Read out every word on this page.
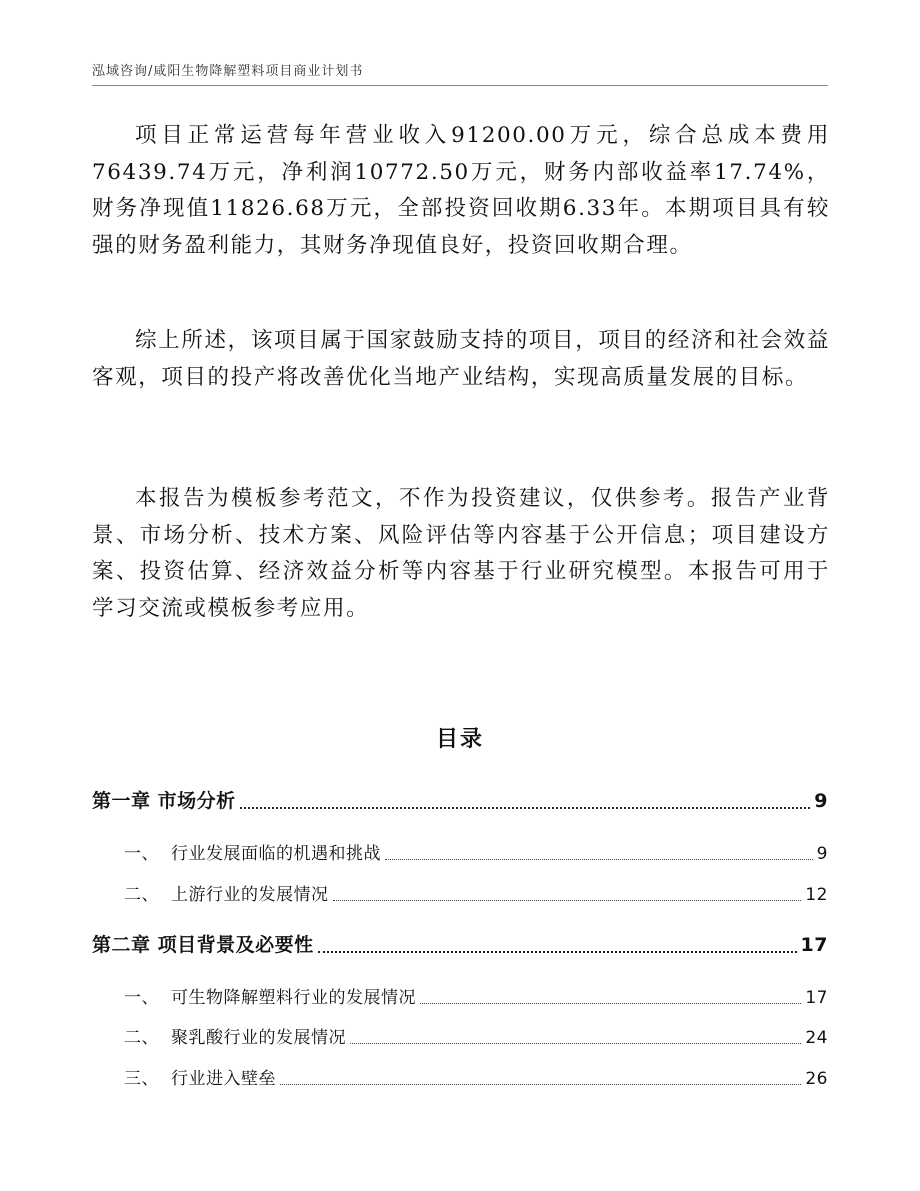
泓域咨询/咸阳生物降解塑料项目商业计划书

项目正常运营每年营业收入91200.00万元，综合总成本费用76439.74万元，净利润10772.50万元，财务内部收益率17.74%，财务净现值11826.68万元，全部投资回收期6.33年。本期项目具有较强的财务盈利能力，其财务净现值良好，投资回收期合理。

综上所述，该项目属于国家鼓励支持的项目，项目的经济和社会效益客观，项目的投产将改善优化当地产业结构，实现高质量发展的目标。

本报告为模板参考范文，不作为投资建议，仅供参考。报告产业背景、市场分析、技术方案、风险评估等内容基于公开信息；项目建设方案、投资估算、经济效益分析等内容基于行业研究模型。本报告可用于学习交流或模板参考应用。

目录
第一章 市场分析	9
一、 行业发展面临的机遇和挑战	9
二、 上游行业的发展情况	12
第二章 项目背景及必要性	17
一、 可生物降解塑料行业的发展情况	17
二、 聚乳酸行业的发展情况	24
三、 行业进入壁垒	26
